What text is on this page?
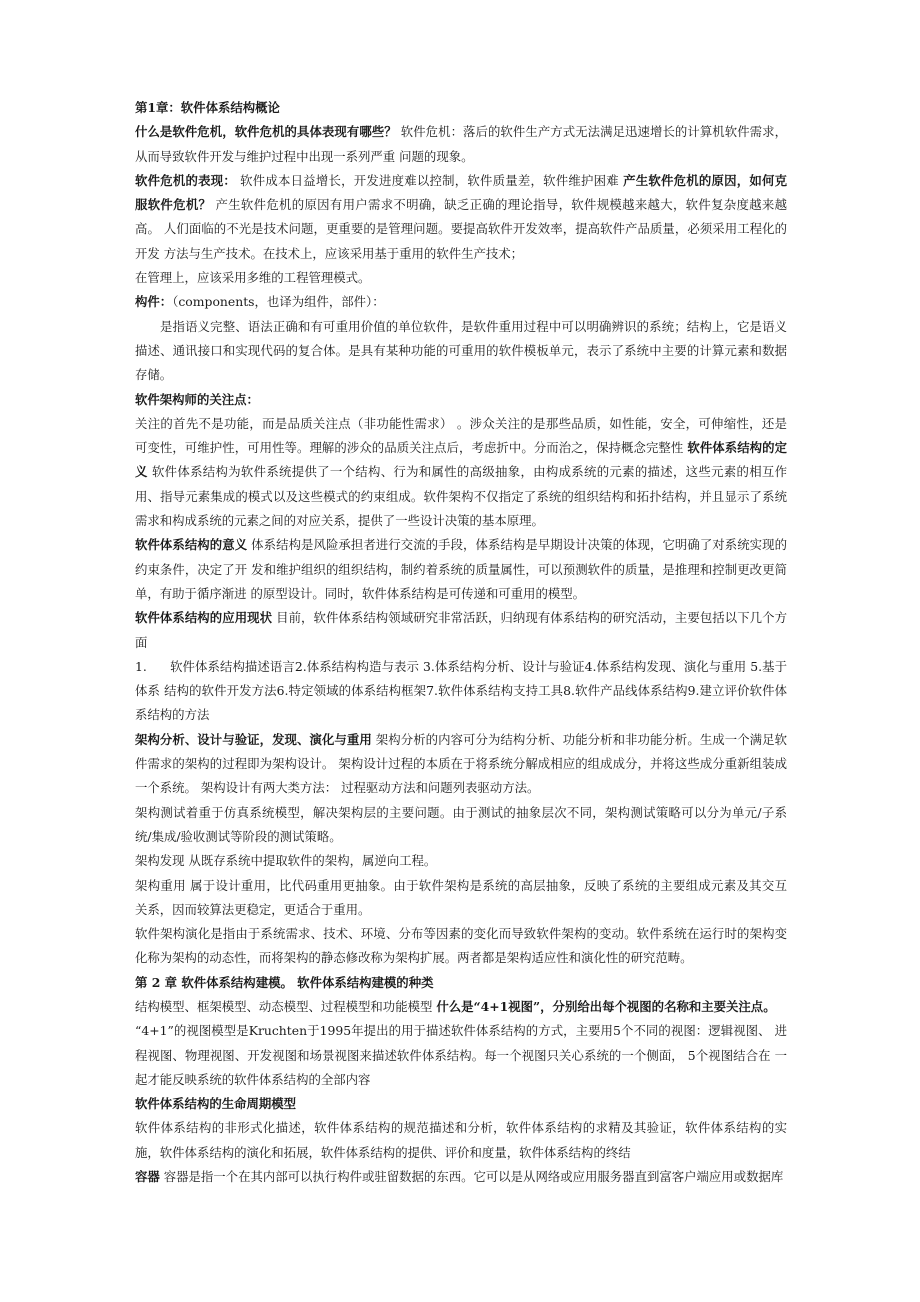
第1章：软件体系结构概论

什么是软件危机，软件危机的具体表现有哪些？ 软件危机：落后的软件生产方式无法满足迅速增长的计算机软件需求，从而导致软件开发与维护过程中出现一系列严重 问题的现象。

软件危机的表现： 软件成本日益增长，开发进度难以控制，软件质量差，软件维护困难 产生软件危机的原因，如何克服软件危机？ 产生软件危机的原因有用户需求不明确，缺乏正确的理论指导，软件规模越来越大，软件复杂度越来越高。 人们面临的不光是技术问题，更重要的是管理问题。要提高软件开发效率，提高软件产品质量，必须采用工程化的开发 方法与生产技术。在技术上，应该采用基于重用的软件生产技术；

在管理上，应该采用多维的工程管理模式。

构件：（components，也译为组件，部件）：

是指语义完整、语法正确和有可重用价值的单位软件，是软件重用过程中可以明确辨识的系统；结构上，它是语义描述、通讯接口和实现代码的复合体。是具有某种功能的可重用的软件模板单元，表示了系统中主要的计算元素和数据存储。

软件架构师的关注点：

关注的首先不是功能，而是品质关注点（非功能性需求） 。涉众关注的是那些品质，如性能，安全，可伸缩性，还是 可变性，可维护性，可用性等。理解的涉众的品质关注点后，考虑折中。分而治之，保持概念完整性 软件体系结构的定义 软件体系结构为软件系统提供了一个结构、行为和属性的高级抽象，由构成系统的元素的描述，这些元素的相互作用、指导元素集成的模式以及这些模式的约束组成。软件架构不仅指定了系统的组织结构和拓扑结构，并且显示了系统需求和构成系统的元素之间的对应关系，提供了一些设计决策的基本原理。

软件体系结构的意义 体系结构是风险承担者进行交流的手段，体系结构是早期设计决策的体现，它明确了对系统实现的约束条件，决定了开 发和维护组织的组织结构，制约着系统的质量属性，可以预测软件的质量，是推理和控制更改更简单，有助于循序渐进 的原型设计。同时，软件体系结构是可传递和可重用的模型。

软件体系结构的应用现状 目前，软件体系结构领域研究非常活跃，归纳现有体系结构的研究活动，主要包括以下几个方面

1. 软件体系结构描述语言2.体系结构构造与表示 3.体系结构分析、设计与验证4.体系结构发现、演化与重用 5.基于体系 结构的软件开发方法6.特定领域的体系结构框架7.软件体系结构支持工具8.软件产品线体系结构9.建立评价软件体系结构的方法

架构分析、设计与验证，发现、演化与重用 架构分析的内容可分为结构分析、功能分析和非功能分析。生成一个满足软件需求的架构的过程即为架构设计。 架构设计过程的本质在于将系统分解成相应的组成成分，并将这些成分重新组装成一个系统。 架构设计有两大类方法： 过程驱动方法和问题列表驱动方法。

架构测试着重于仿真系统模型，解决架构层的主要问题。由于测试的抽象层次不同，架构测试策略可以分为单元/子系统/集成/验收测试等阶段的测试策略。

架构发现 从既存系统中提取软件的架构，属逆向工程。

架构重用 属于设计重用，比代码重用更抽象。由于软件架构是系统的高层抽象，反映了系统的主要组成元素及其交互 关系，因而较算法更稳定，更适合于重用。

软件架构演化是指由于系统需求、技术、环境、分布等因素的变化而导致软件架构的变动。软件系统在运行时的架构变化称为架构的动态性，而将架构的静态修改称为架构扩展。两者都是架构适应性和演化性的研究范畴。

第 2 章 软件体系结构建模。 软件体系结构建模的种类

结构模型、框架模型、动态模型、过程模型和功能模型 什么是“4+1视图”，分别给出每个视图的名称和主要关注点。

“4+1”的视图模型是Kruchten于1995年提出的用于描述软件体系结构的方式，主要用5个不同的视图：逻辑视图、 进程视图、物理视图、开发视图和场景视图来描述软件体系结构。每一个视图只关心系统的一个侧面， 5个视图结合在 一起才能反映系统的软件体系结构的全部内容

软件体系结构的生命周期模型

软件体系结构的非形式化描述，软件体系结构的规范描述和分析，软件体系结构的求精及其验证，软件体系结构的实施，软件体系结构的演化和拓展，软件体系结构的提供、评价和度量，软件体系结构的终结

容器 容器是指一个在其内部可以执行构件或驻留数据的东西。它可以是从网络或应用服务器直到富客户端应用或数据库
